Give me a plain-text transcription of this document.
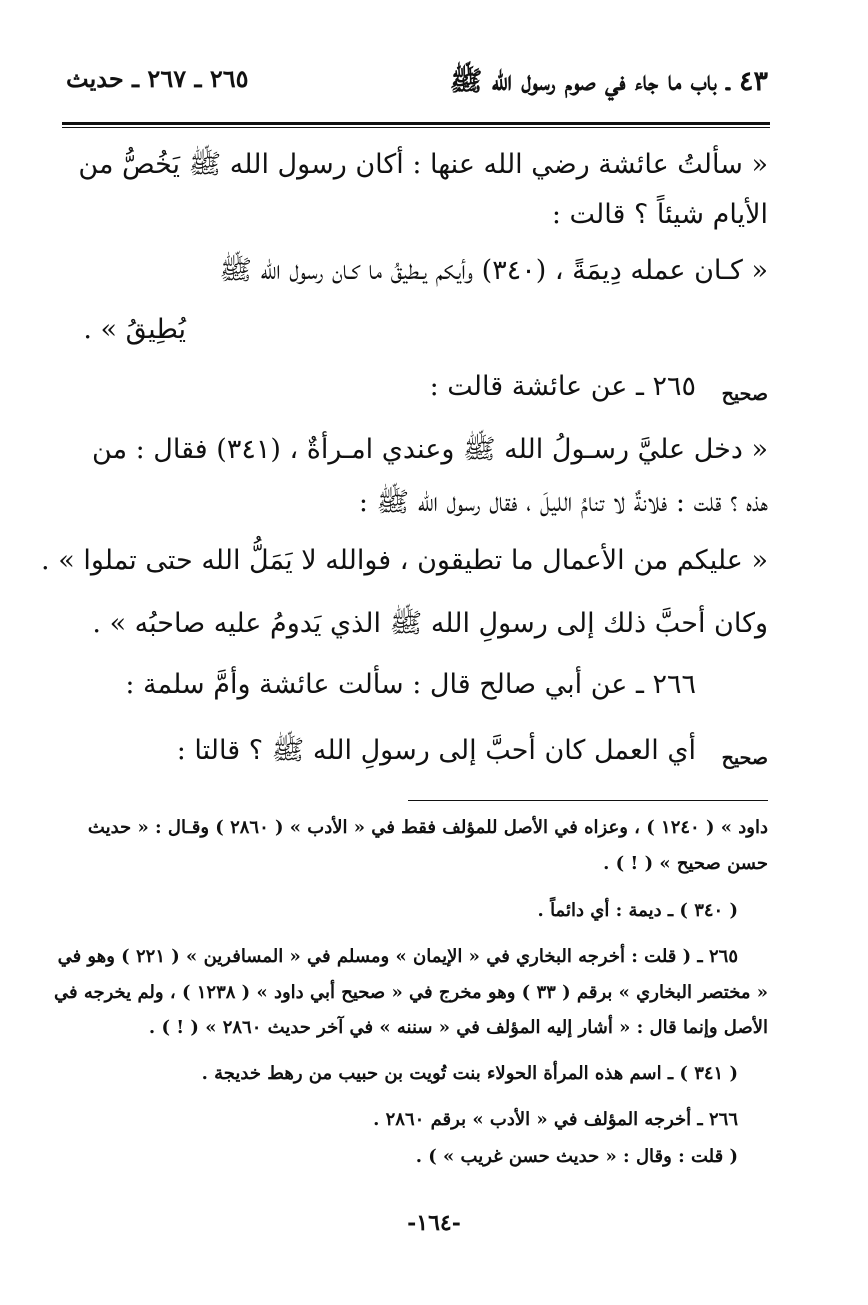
٤٣ ـ باب ما جاء في صوم رسول الله ﷺ
٢٦٥ ـ ٢٦٧ ـ حديث
« سألتُ عائشة رضي الله عنها : أكان رسول الله ﷺ يَخُصُّ من
الأيام شيئاً ؟ قالت :
« كـان عمله دِيمَةً ، (٣٤٠) وأيكم يـطيقُ ما كـان رسول الله ﷺ
يُطِيقُ » .
صحيح
٢٦٥ ـ عن عائشة قالت :
« دخل عليَّ رسـولُ الله ﷺ وعندي امـرأةٌ ، (٣٤١) فقال : من
هذه ؟ قلت : فلانةٌ لا تنامُ الليلَ ، فقال رسول الله ﷺ :
« عليكم من الأعمال ما تطيقون ، فوالله لا يَمَلُّ الله حتى تملوا » .
وكان أحبَّ ذلك إلى رسولِ الله ﷺ الذي يَدومُ عليه صاحبُه » .
٢٦٦ ـ عن أبي صالح قال : سألت عائشة وأمَّ سلمة :
صحيح
أي العمل كان أحبَّ إلى رسولِ الله ﷺ ؟ قالتا :
داود » ( ١٢٤٠ ) ، وعزاه في الأصل للمؤلف فقط في « الأدب » ( ٢٨٦٠ ) وقـال : « حديث
حسن صحيح » ( ! ) .
( ٣٤٠ ) ـ ديمة : أي دائماً .
٢٦٥ ـ ( قلت : أخرجه البخاري في « الإيمان » ومسلم في « المسافرين » ( ٢٢١ ) وهو في
« مختصر البخاري » برقم ( ٣٣ ) وهو مخرج في « صحيح أبي داود » ( ١٢٣٨ ) ، ولم يخرجه في
الأصل وإنما قال : « أشار إليه المؤلف في « سننه » في آخر حديث ٢٨٦٠ » ( ! ) .
( ٣٤١ ) ـ اسم هذه المرأة الحولاء بنت تُويت بن حبيب من رهط خديجة .
٢٦٦ ـ أخرجه المؤلف في « الأدب » برقم ٢٨٦٠ .
( قلت : وقال : « حديث حسن غريب » ) .
-١٦٤-
